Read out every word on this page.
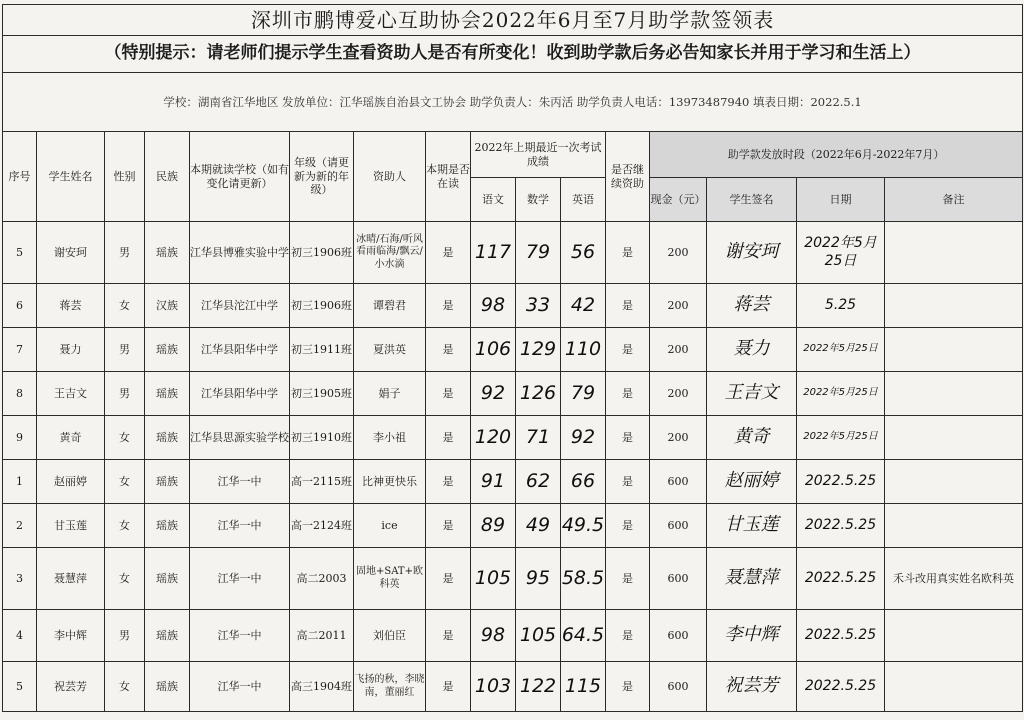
深圳市鹏博爱心互助协会2022年6月至7月助学款签领表															
（特别提示：请老师们提示学生查看资助人是否有所变化！收到助学款后务必告知家长并用于学习和生活上）															
学校：湖南省江华地区 发放单位：江华瑶族自治县文工协会 助学负责人：朱丙活 助学负责人电话：13973487940 填表日期：2022.5.1															
序号	学生姓名	性别	民族	本期就读学校（如有变化请更新）	年级（请更新为新的年级）	资助人	本期是否在读	2022年上期最近一次考试成绩			是否继续资助	助学款发放时段（2022年6月-2022年7月）			
								语文	数学	英语		现金（元）	学生签名	日期	备注
5	谢安珂	男	瑶族	江华县博雅实验中学	初三1906班	冰晴/石海/听风看雨临海/飘云/小水滴	是	117	79	56	是	200	谢安珂	2022年5月25日	
6	蒋芸	女	汉族	江华县沱江中学	初三1906班	谭碧君	是	98	33	42	是	200	蒋芸	5.25	
7	聂力	男	瑶族	江华县阳华中学	初三1911班	夏洪英	是	106	129	110	是	200	聂力	2022年5月25日	
8	王吉文	男	瑶族	江华县阳华中学	初三1905班	娟子	是	92	126	79	是	200	王吉文	2022年5月25日	
9	黄奇	女	瑶族	江华县思源实验学校	初三1910班	李小祖	是	120	71	92	是	200	黄奇	2022年5月25日	
1	赵丽婷	女	瑶族	江华一中	高一2115班	比神更快乐	是	91	62	66	是	600	赵丽婷	2022.5.25	
2	甘玉莲	女	瑶族	江华一中	高一2124班	ice	是	89	49	49.5	是	600	甘玉莲	2022.5.25	
3	聂慧萍	女	瑶族	江华一中	高二2003	固地+SAT+欧科英	是	105	95	58.5	是	600	聂慧萍	2022.5.25	禾斗改用真实姓名欧科英
4	李中辉	男	瑶族	江华一中	高二2011	刘伯臣	是	98	105	64.5	是	600	李中辉	2022.5.25	
5	祝芸芳	女	瑶族	江华一中	高三1904班	飞扬的秋，李晓南，董丽红	是	103	122	115	是	600	祝芸芳	2022.5.25	
